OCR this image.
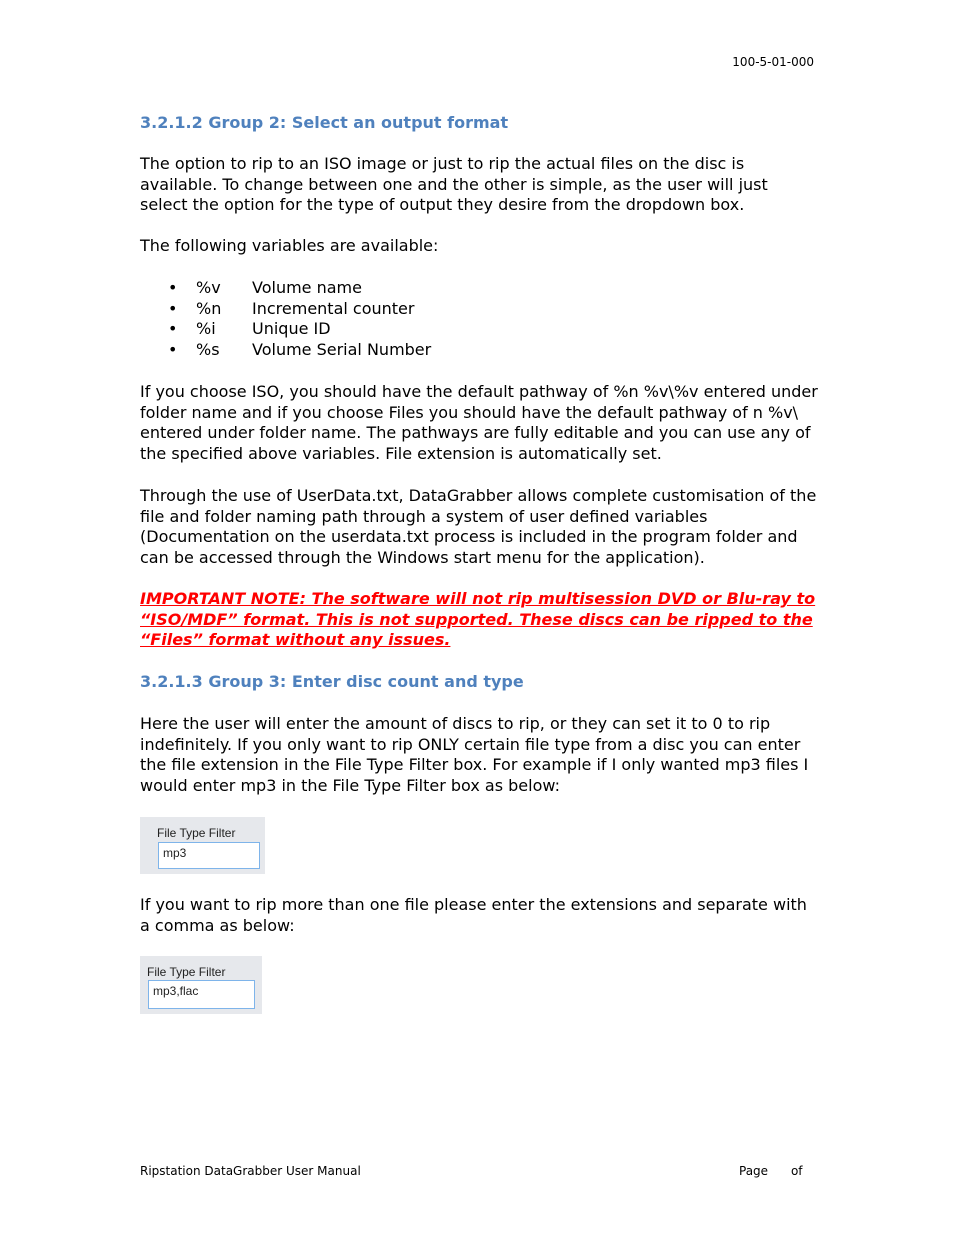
100-5-01-000
3.2.1.2 Group 2: Select an output format

The option to rip to an ISO image or just to rip the actual files on the disc is available. To change between one and the other is simple, as the user will just select the option for the type of output they desire from the dropdown box.

The following variables are available:

• %v Volume name
• %n Incremental counter
• %i Unique ID
• %s Volume Serial Number

If you choose ISO, you should have the default pathway of %n %v\%v entered under folder name and if you choose Files you should have the default pathway of n %v\ entered under folder name. The pathways are fully editable and you can use any of the specified above variables. File extension is automatically set.

Through the use of UserData.txt, DataGrabber allows complete customisation of the file and folder naming path through a system of user defined variables (Documentation on the userdata.txt process is included in the program folder and can be accessed through the Windows start menu for the application).

IMPORTANT NOTE: The software will not rip multisession DVD or Blu-ray to “ISO/MDF” format. This is not supported. These discs can be ripped to the “Files” format without any issues.

3.2.1.3 Group 3: Enter disc count and type

Here the user will enter the amount of discs to rip, or they can set it to 0 to rip indefinitely. If you only want to rip ONLY certain file type from a disc you can enter the file extension in the File Type Filter box. For example if I only wanted mp3 files I would enter mp3 in the File Type Filter box as below:

File Type Filter
mp3

If you want to rip more than one file please enter the extensions and separate with a comma as below:

File Type Filter
mp3,flac
Ripstation DataGrabber User Manual	Page of
